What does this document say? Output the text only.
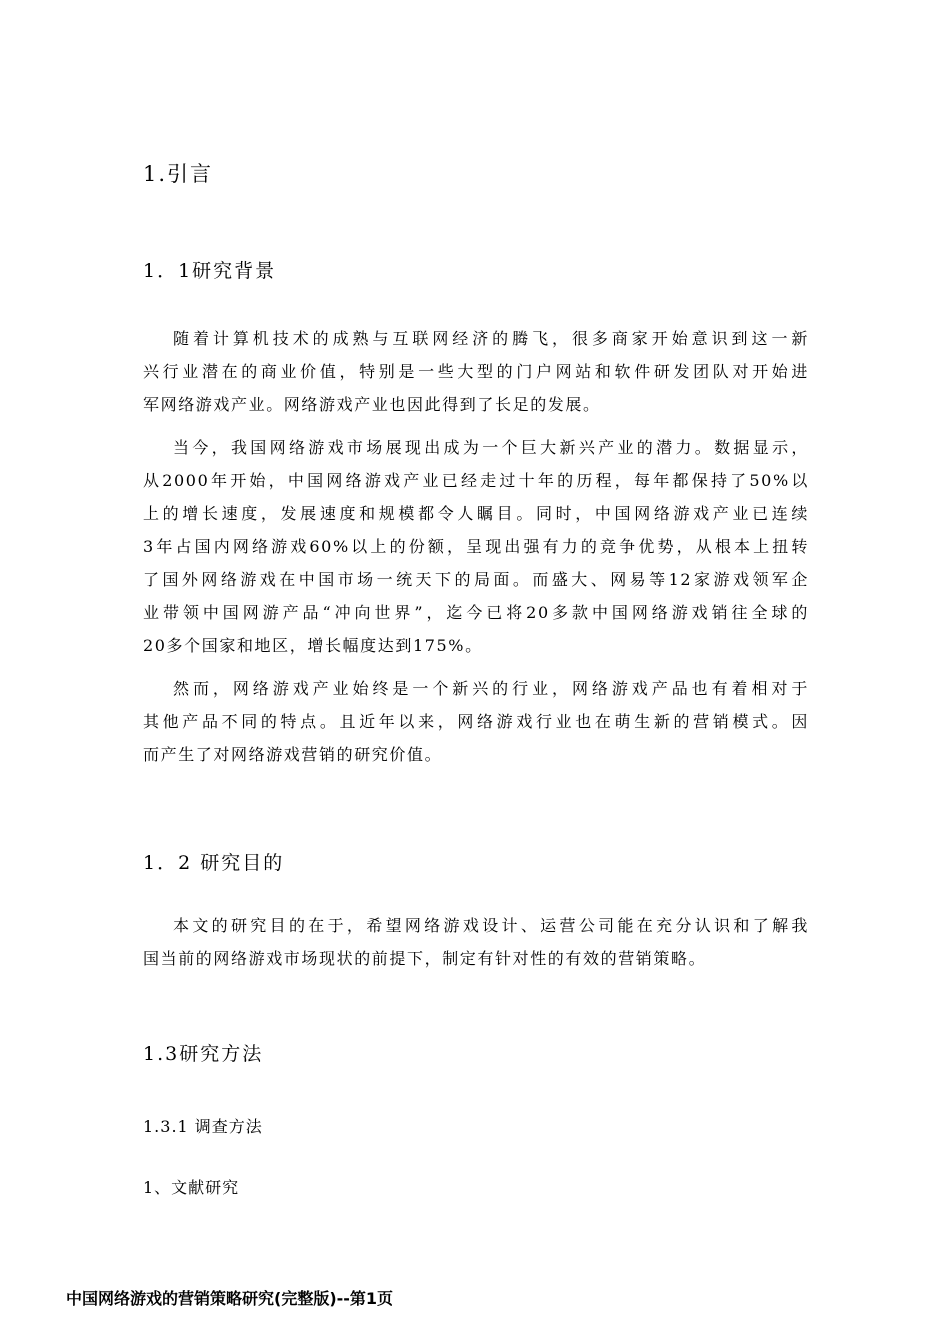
1.引言
1．1研究背景
随着计算机技术的成熟与互联网经济的腾飞，很多商家开始意识到这一新
兴行业潜在的商业价值，特别是一些大型的门户网站和软件研发团队对开始进
军网络游戏产业。网络游戏产业也因此得到了长足的发展。
当今，我国网络游戏市场展现出成为一个巨大新兴产业的潜力。数据显示，
从2000年开始，中国网络游戏产业已经走过十年的历程，每年都保持了50%以
上的增长速度，发展速度和规模都令人瞩目。同时，中国网络游戏产业已连续
3年占国内网络游戏60%以上的份额，呈现出强有力的竞争优势，从根本上扭转
了国外网络游戏在中国市场一统天下的局面。而盛大、网易等12家游戏领军企
业带领中国网游产品“冲向世界”，迄今已将20多款中国网络游戏销往全球的
20多个国家和地区，增长幅度达到175%。
然而，网络游戏产业始终是一个新兴的行业，网络游戏产品也有着相对于
其他产品不同的特点。且近年以来，网络游戏行业也在萌生新的营销模式。因
而产生了对网络游戏营销的研究价值。
1．2 研究目的
本文的研究目的在于，希望网络游戏设计、运营公司能在充分认识和了解我
国当前的网络游戏市场现状的前提下，制定有针对性的有效的营销策略。
1.3研究方法
1.3.1 调查方法
1、文献研究
中国网络游戏的营销策略研究(完整版)--第1页
